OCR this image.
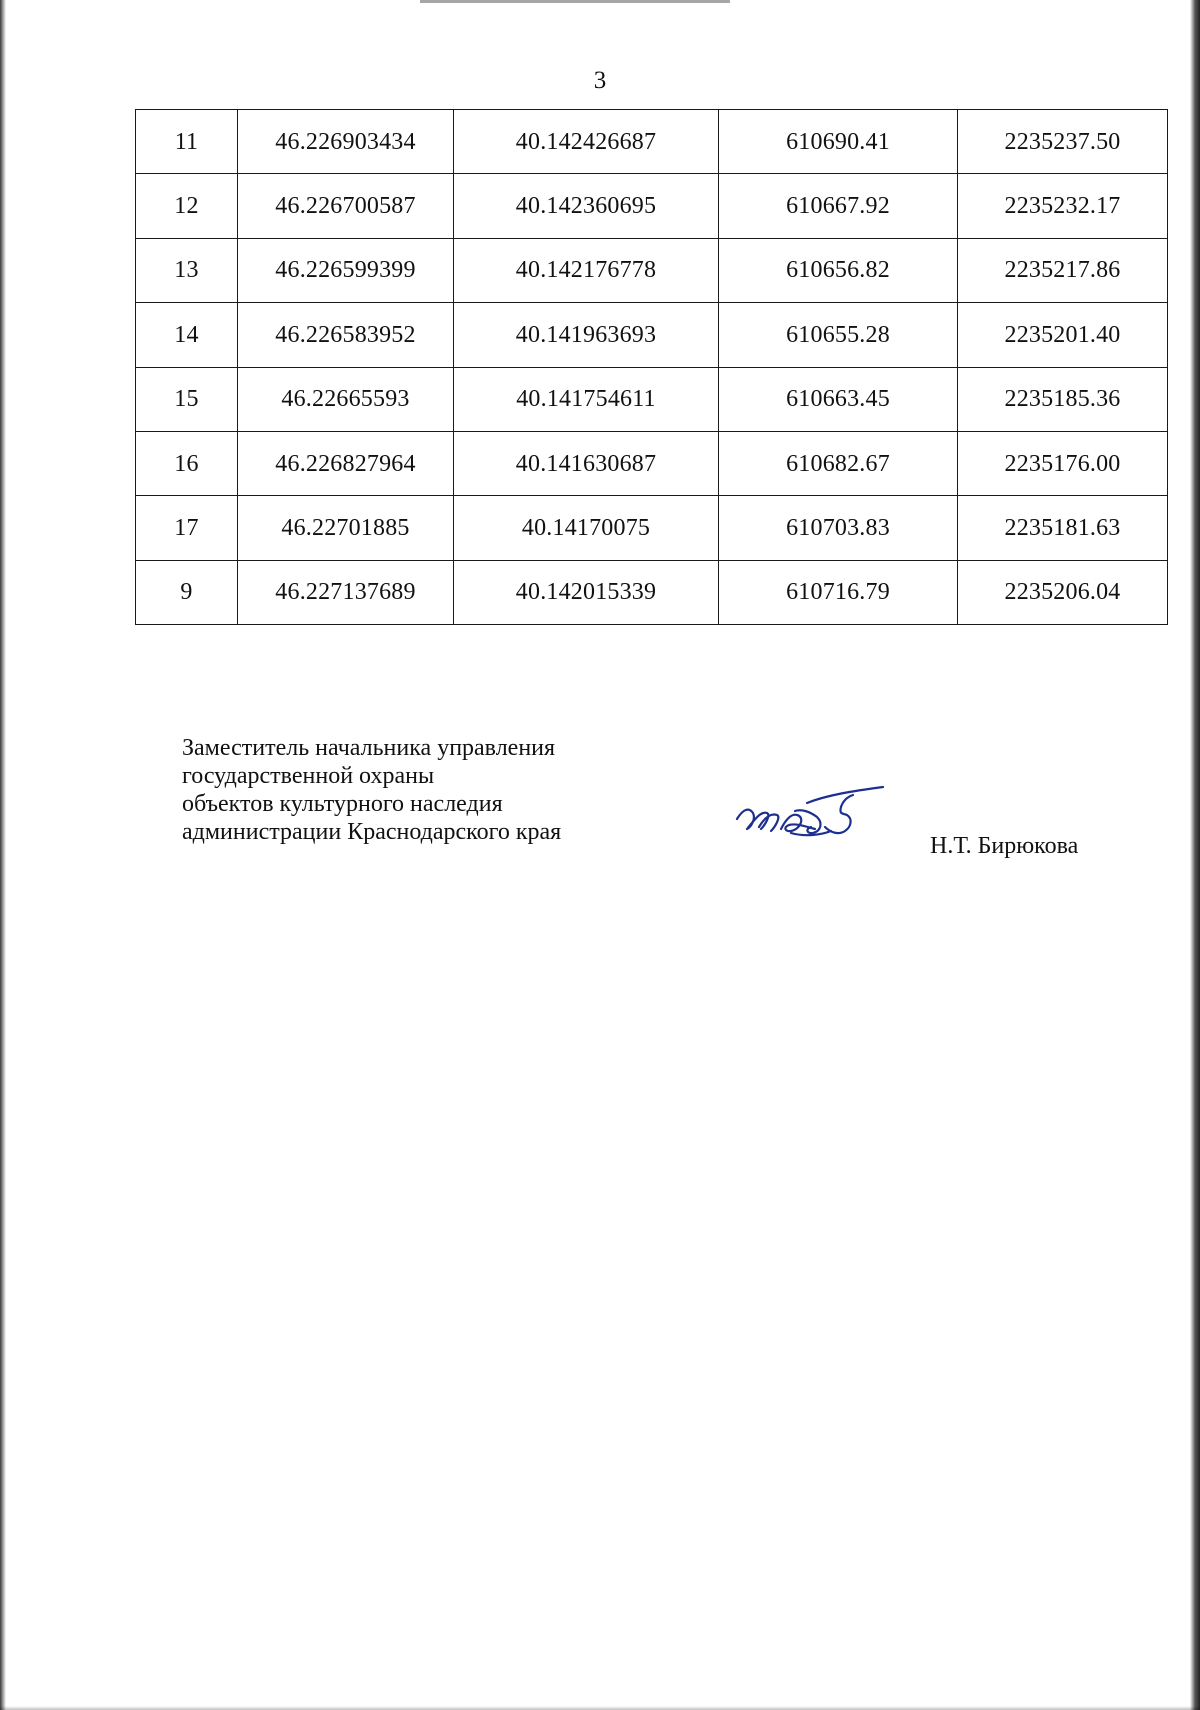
3
11	46.226903434	40.142426687	610690.41	2235237.50
12	46.226700587	40.142360695	610667.92	2235232.17
13	46.226599399	40.142176778	610656.82	2235217.86
14	46.226583952	40.141963693	610655.28	2235201.40
15	46.22665593	40.141754611	610663.45	2235185.36
16	46.226827964	40.141630687	610682.67	2235176.00
17	46.22701885	40.14170075	610703.83	2235181.63
9	46.227137689	40.142015339	610716.79	2235206.04
Заместитель начальника управления
государственной охраны
объектов культурного наследия
администрации Краснодарского края
Н.Т. Бирюкова
